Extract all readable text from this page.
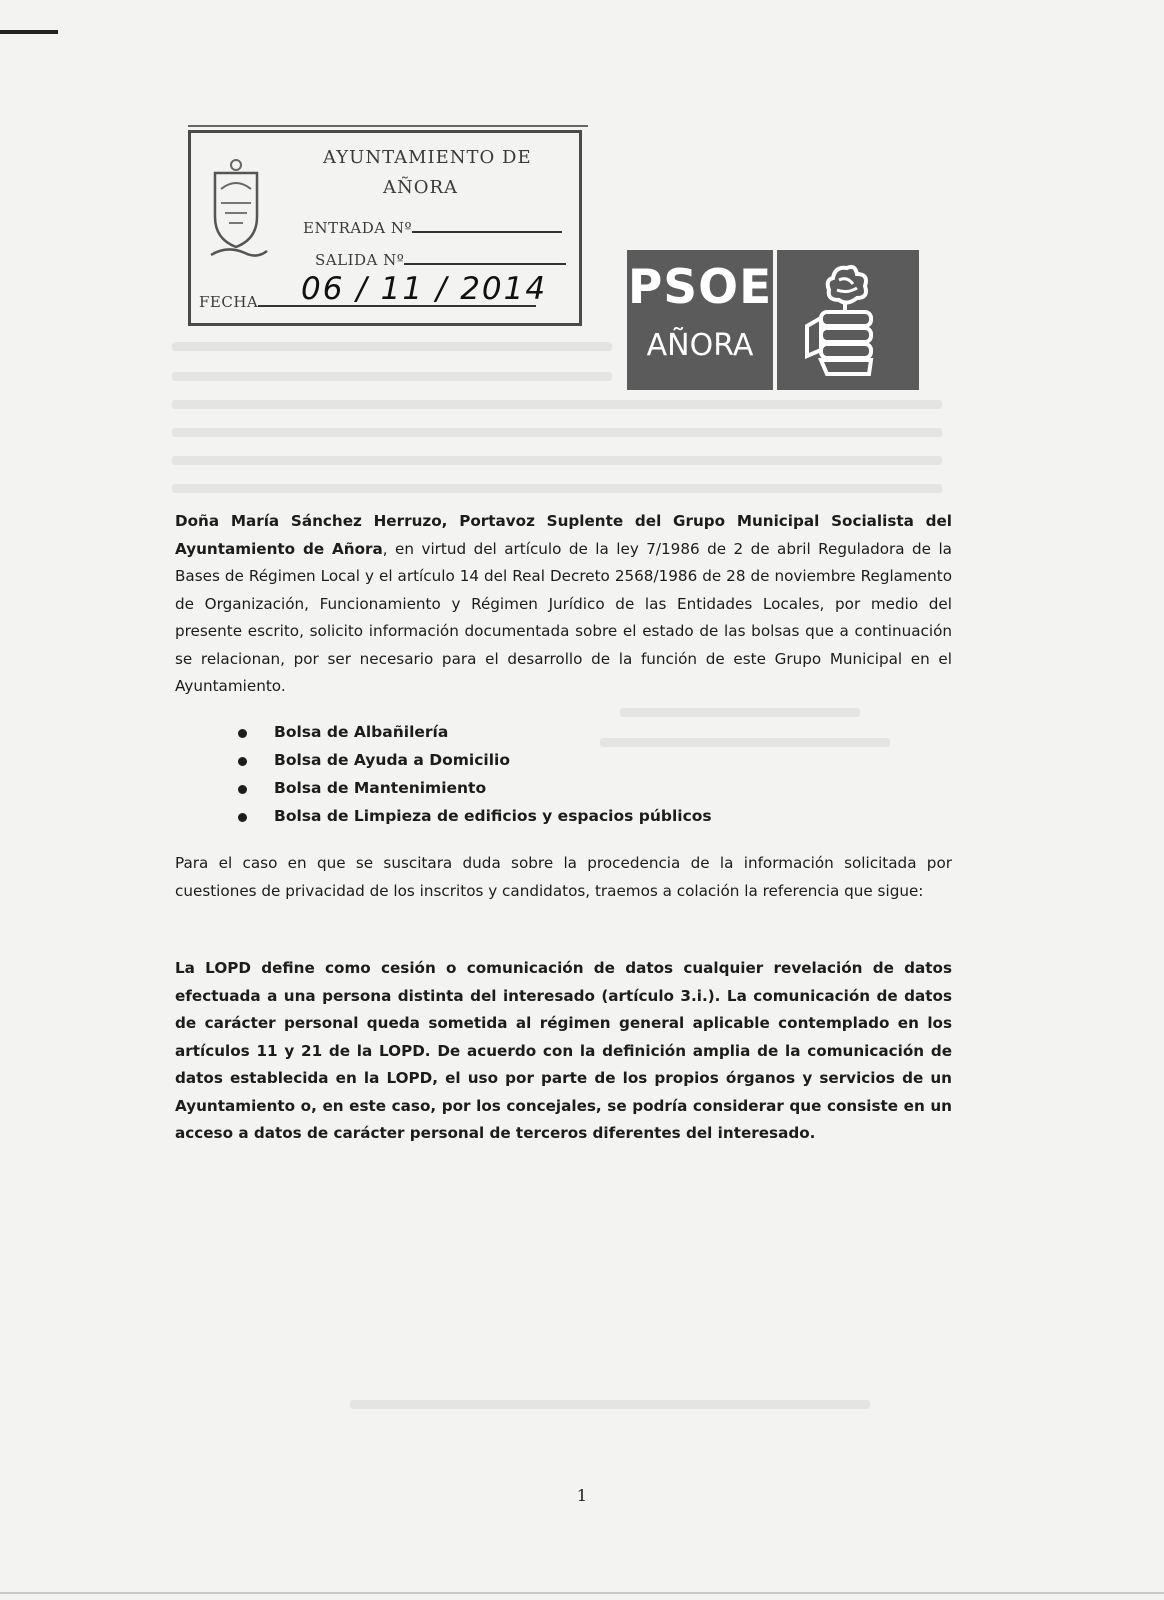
AYUNTAMIENTO DE
AÑORA
ENTRADA Nº
SALIDA Nº
FECHA	06 / 11 / 2014 PSOE
AÑORA
Doña María Sánchez Herruzo, Portavoz Suplente del Grupo Municipal Socialista del Ayuntamiento de Añora, en virtud del artículo de la ley 7/1986 de 2 de abril Reguladora de la Bases de Régimen Local y el artículo 14 del Real Decreto 2568/1986 de 28 de noviembre Reglamento de Organización, Funcionamiento y Régimen Jurídico de las Entidades Locales, por medio del presente escrito, solicito información documentada sobre el estado de las bolsas que a continuación se relacionan, por ser necesario para el desarrollo de la función de este Grupo Municipal en el Ayuntamiento.
Bolsa de Albañilería
Bolsa de Ayuda a Domicilio
Bolsa de Mantenimiento
Bolsa de Limpieza de edificios y espacios públicos
Para el caso en que se suscitara duda sobre la procedencia de la información solicitada por cuestiones de privacidad de los inscritos y candidatos, traemos a colación la referencia que sigue:
La LOPD define como cesión o comunicación de datos cualquier revelación de datos efectuada a una persona distinta del interesado (artículo 3.i.). La comunicación de datos de carácter personal queda sometida al régimen general aplicable contemplado en los artículos 11 y 21 de la LOPD. De acuerdo con la definición amplia de la comunicación de datos establecida en la LOPD, el uso por parte de los propios órganos y servicios de un Ayuntamiento o, en este caso, por los concejales, se podría considerar que consiste en un acceso a datos de carácter personal de terceros diferentes del interesado.
1
